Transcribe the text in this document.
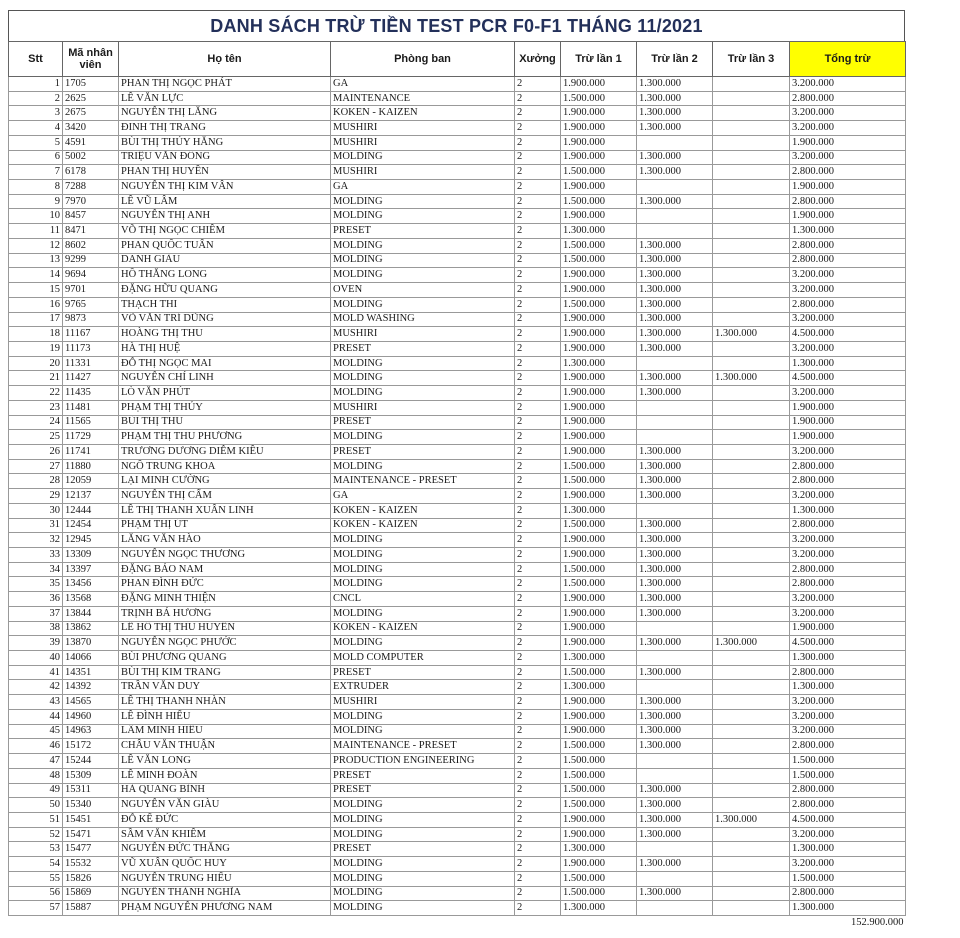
DANH SÁCH TRỪ TIỀN TEST PCR F0-F1 THÁNG 11/2021
Stt	Mã nhân viên	Họ tên	Phòng ban	Xưởng	Trừ lần 1	Trừ lần 2	Trừ lần 3	Tổng trừ
1	1705	PHAN THỊ NGỌC PHÁT	GA	2	1.900.000	1.300.000		3.200.000
2	2625	LÊ VĂN LỰC	MAINTENANCE	2	1.500.000	1.300.000		2.800.000
3	2675	NGUYỄN THỊ LĂNG	KOKEN - KAIZEN	2	1.900.000	1.300.000		3.200.000
4	3420	ĐINH THỊ TRANG	MUSHIRI	2	1.900.000	1.300.000		3.200.000
5	4591	BÙI THỊ THÚY HẰNG	MUSHIRI	2	1.900.000			1.900.000
6	5002	TRIỆU VĂN ĐÔNG	MOLDING	2	1.900.000	1.300.000		3.200.000
7	6178	PHAN THỊ HUYỀN	MUSHIRI	2	1.500.000	1.300.000		2.800.000
8	7288	NGUYỄN THỊ KIM VÂN	GA	2	1.900.000			1.900.000
9	7970	LÊ VŨ LÂM	MOLDING	2	1.500.000	1.300.000		2.800.000
10	8457	NGUYỄN THỊ ANH	MOLDING	2	1.900.000			1.900.000
11	8471	VÕ THỊ NGỌC CHIÊM	PRESET	2	1.300.000			1.300.000
12	8602	PHAN QUỐC TUẤN	MOLDING	2	1.500.000	1.300.000		2.800.000
13	9299	DANH GIÀU	MOLDING	2	1.500.000	1.300.000		2.800.000
14	9694	HỒ THĂNG LONG	MOLDING	2	1.900.000	1.300.000		3.200.000
15	9701	ĐẶNG HỮU QUANG	OVEN	2	1.900.000	1.300.000		3.200.000
16	9765	THẠCH THI	MOLDING	2	1.500.000	1.300.000		2.800.000
17	9873	VÕ VĂN TRÍ DŨNG	MOLD WASHING	2	1.900.000	1.300.000		3.200.000
18	11167	HOÀNG THỊ THU	MUSHIRI	2	1.900.000	1.300.000	1.300.000	4.500.000
19	11173	HÀ THỊ HUỆ	PRESET	2	1.900.000	1.300.000		3.200.000
20	11331	ĐỖ THỊ NGỌC MAI	MOLDING	2	1.300.000			1.300.000
21	11427	NGUYỄN CHÍ LINH	MOLDING	2	1.900.000	1.300.000	1.300.000	4.500.000
22	11435	LÒ VĂN PHÚT	MOLDING	2	1.900.000	1.300.000		3.200.000
23	11481	PHẠM THỊ THỦY	MUSHIRI	2	1.900.000			1.900.000
24	11565	BÙI THỊ THU	PRESET	2	1.900.000			1.900.000
25	11729	PHẠM THỊ THU PHƯƠNG	MOLDING	2	1.900.000			1.900.000
26	11741	TRƯƠNG DƯƠNG DIỄM KIỀU	PRESET	2	1.900.000	1.300.000		3.200.000
27	11880	NGÔ TRUNG KHOA	MOLDING	2	1.500.000	1.300.000		2.800.000
28	12059	LẠI MINH CƯỜNG	MAINTENANCE - PRESET	2	1.500.000	1.300.000		2.800.000
29	12137	NGUYỄN THỊ CẨM	GA	2	1.900.000	1.300.000		3.200.000
30	12444	LÊ THỊ THANH XUÂN LINH	KOKEN - KAIZEN	2	1.300.000			1.300.000
31	12454	PHẠM THỊ ÚT	KOKEN - KAIZEN	2	1.500.000	1.300.000		2.800.000
32	12945	LĂNG VĂN HÀO	MOLDING	2	1.900.000	1.300.000		3.200.000
33	13309	NGUYỄN NGỌC THƯƠNG	MOLDING	2	1.900.000	1.300.000		3.200.000
34	13397	ĐẶNG BẢO NAM	MOLDING	2	1.500.000	1.300.000		2.800.000
35	13456	PHAN ĐÌNH ĐỨC	MOLDING	2	1.500.000	1.300.000		2.800.000
36	13568	ĐẶNG MINH THIỆN	CNCL	2	1.900.000	1.300.000		3.200.000
37	13844	TRỊNH BÁ HƯƠNG	MOLDING	2	1.900.000	1.300.000		3.200.000
38	13862	LÊ HỒ THỊ THU HUYỀN	KOKEN - KAIZEN	2	1.900.000			1.900.000
39	13870	NGUYỄN NGỌC PHƯỚC	MOLDING	2	1.900.000	1.300.000	1.300.000	4.500.000
40	14066	BÙI PHƯƠNG QUANG	MOLD COMPUTER	2	1.300.000			1.300.000
41	14351	BÙI THỊ KIM TRANG	PRESET	2	1.500.000	1.300.000		2.800.000
42	14392	TRẦN VĂN DUY	EXTRUDER	2	1.300.000			1.300.000
43	14565	LÊ THỊ THANH NHÀN	MUSHIRI	2	1.900.000	1.300.000		3.200.000
44	14960	LÊ ĐÌNH HIẾU	MOLDING	2	1.900.000	1.300.000		3.200.000
45	14963	LÂM MINH HIẾU	MOLDING	2	1.900.000	1.300.000		3.200.000
46	15172	CHÂU VĂN THUẬN	MAINTENANCE - PRESET	2	1.500.000	1.300.000		2.800.000
47	15244	LÊ VĂN LONG	PRODUCTION ENGINEERING	2	1.500.000			1.500.000
48	15309	LÊ MINH ĐOÀN	PRESET	2	1.500.000			1.500.000
49	15311	HÀ QUANG BÌNH	PRESET	2	1.500.000	1.300.000		2.800.000
50	15340	NGUYỄN VĂN GIÀU	MOLDING	2	1.500.000	1.300.000		2.800.000
51	15451	ĐỖ KẾ ĐỨC	MOLDING	2	1.900.000	1.300.000	1.300.000	4.500.000
52	15471	SẦM VĂN KHIÊM	MOLDING	2	1.900.000	1.300.000		3.200.000
53	15477	NGUYỄN ĐỨC THẮNG	PRESET	2	1.300.000			1.300.000
54	15532	VŨ XUÂN QUỐC HUY	MOLDING	2	1.900.000	1.300.000		3.200.000
55	15826	NGUYỄN TRUNG HIẾU	MOLDING	2	1.500.000			1.500.000
56	15869	NGUYỄN THÀNH NGHĨA	MOLDING	2	1.500.000	1.300.000		2.800.000
57	15887	PHẠM NGUYỄN PHƯƠNG NAM	MOLDING	2	1.300.000			1.300.000
								152.900.000
